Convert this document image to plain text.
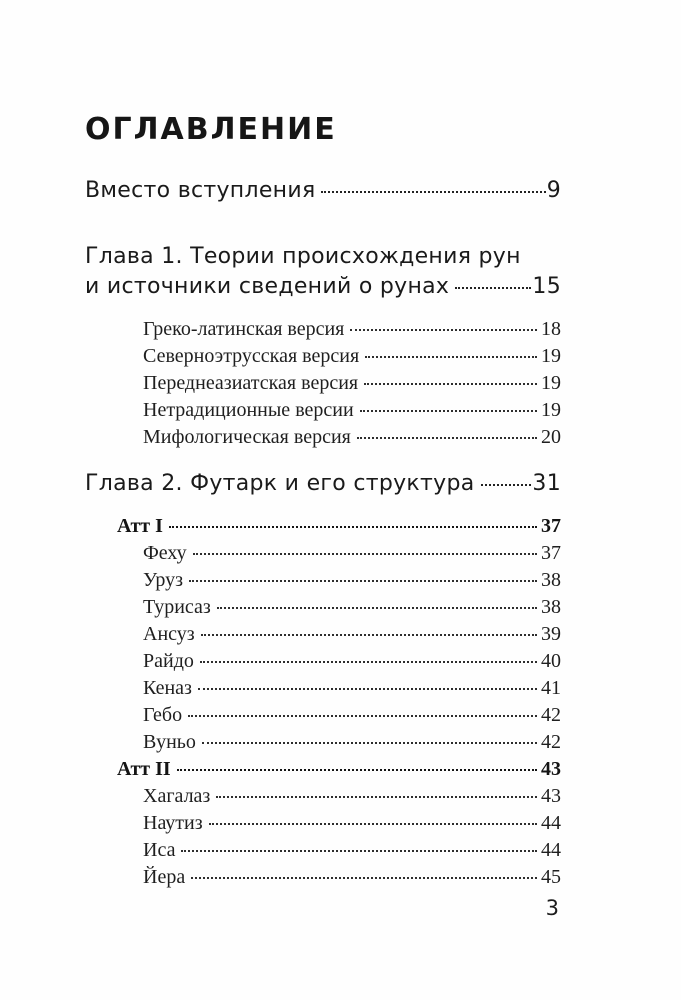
ОГЛАВЛЕНИЕ
Вместо вступления	9
Глава 1. Теории происхождения рун
и источники сведений о рунах	15
Греко-латинская версия	18
Северноэтрусская версия	19
Переднеазиатская версия	19
Нетрадиционные версии	19
Мифологическая версия	20
Глава 2. Футарк и его структура	31
Атт I	37
Феху	37
Уруз	38
Турисаз	38
Ансуз	39
Райдо	40
Кеназ	41
Гебо	42
Вуньо	42
Атт II	43
Хагалаз	43
Наутиз	44
Иса	44
Йера	45
3
